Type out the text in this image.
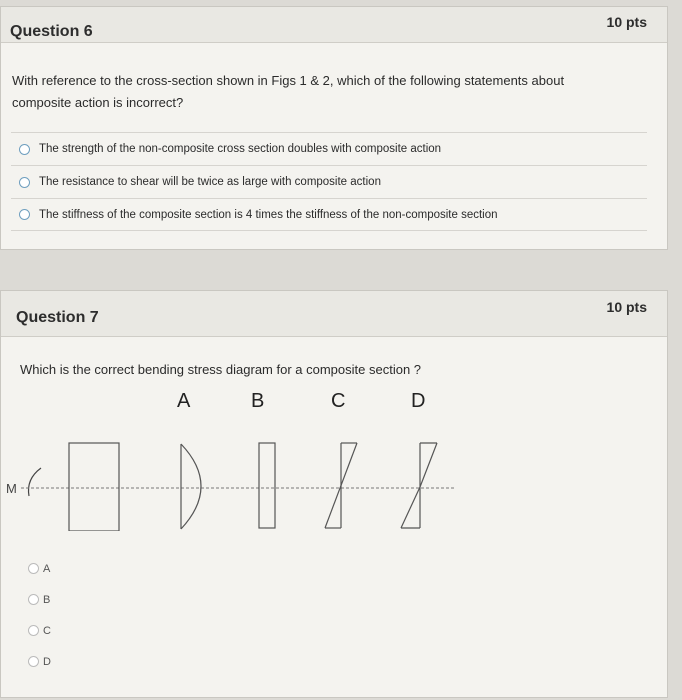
Question 6
10 pts
With reference to the cross-section shown in Figs 1 & 2, which of the following statements about composite action is incorrect?
The strength of the non-composite cross section doubles with composite action
The resistance to shear will be twice as large with composite action
The stiffness of the composite section is 4 times the stiffness of the non-composite section
Question 7
10 pts
Which is the correct bending stress diagram for a composite section ?
A	B	C	D
M
A
B
C
D
